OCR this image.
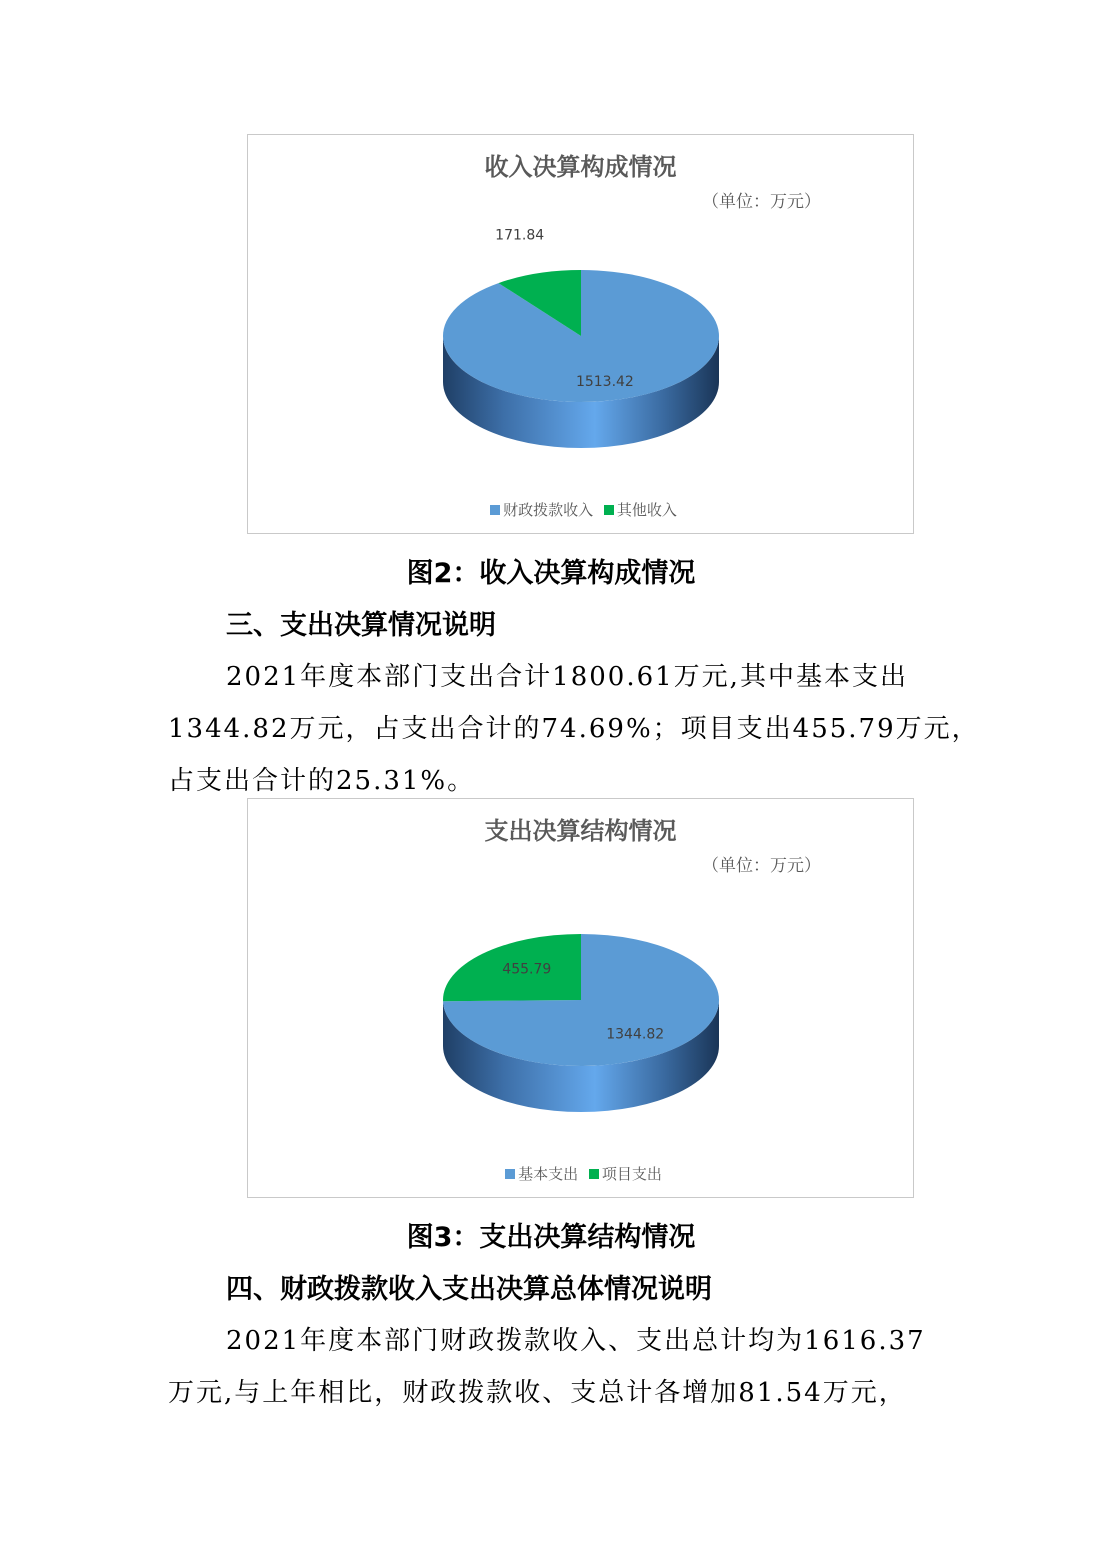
收入决算构成情况
（单位：万元）
1513.42
171.84
财政拨款收入 其他收入
图2：收入决算构成情况
三、支出决算情况说明
2021年度本部门支出合计1800.61万元,其中基本支出
1344.82万元，占支出合计的74.69%；项目支出455.79万元，
占支出合计的25.31%。
支出决算结构情况
（单位：万元）
1344.82
455.79
基本支出 项目支出
图3：支出决算结构情况
四、财政拨款收入支出决算总体情况说明
2021年度本部门财政拨款收入、支出总计均为1616.37
万元,与上年相比，财政拨款收、支总计各增加81.54万元，
